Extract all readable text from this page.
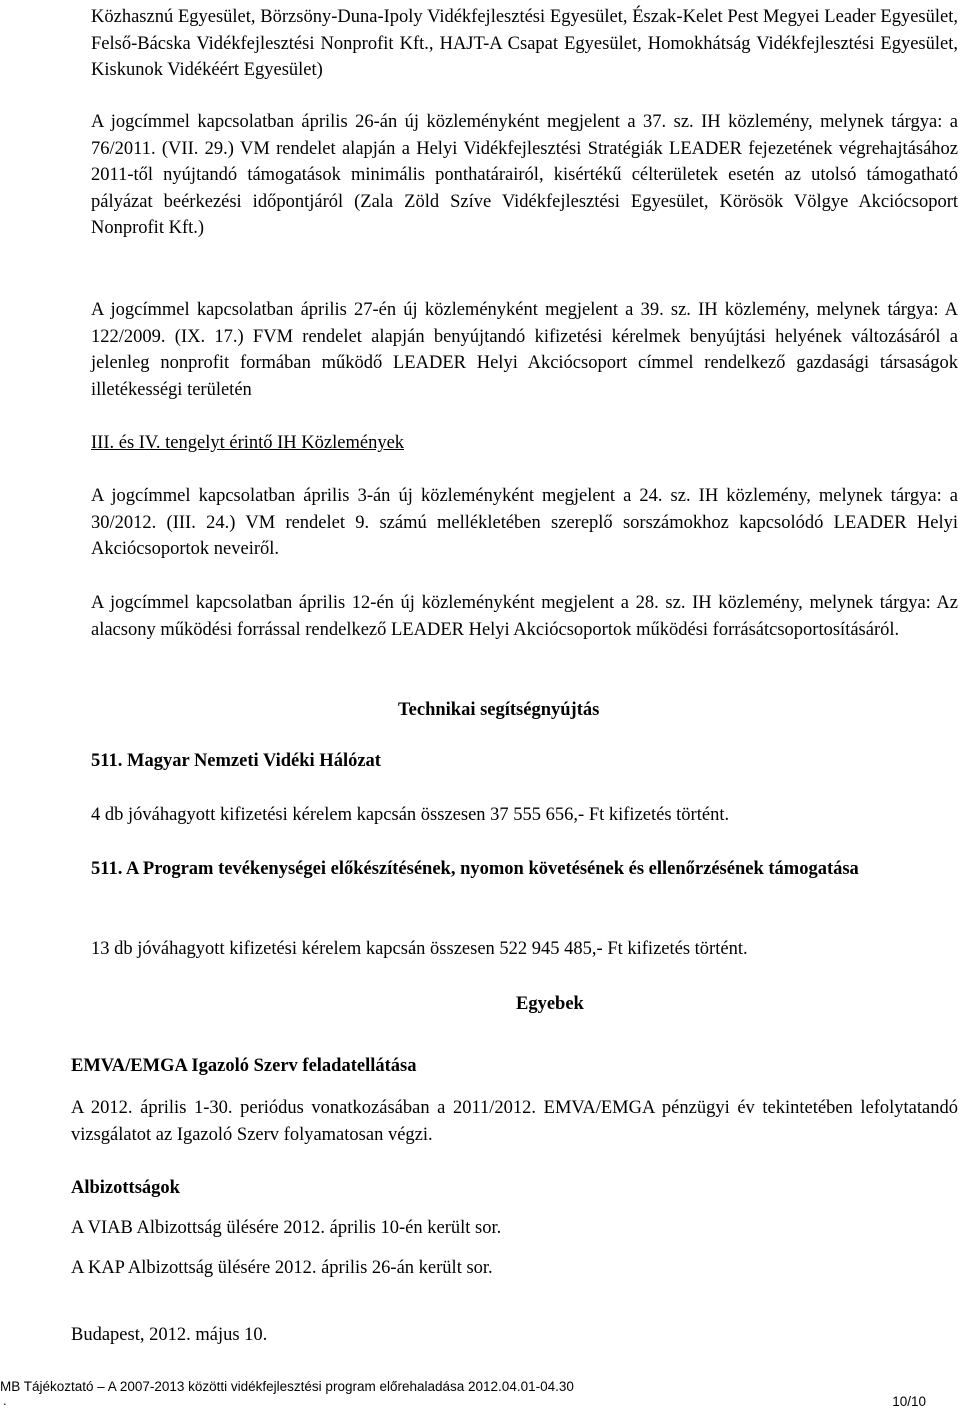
Közhasznú Egyesület, Börzsöny-Duna-Ipoly Vidékfejlesztési Egyesület, Észak-Kelet Pest Megyei Leader Egyesület, Felső-Bácska Vidékfejlesztési Nonprofit Kft., HAJT-A Csapat Egyesület, Homokhátság Vidékfejlesztési Egyesület, Kiskunok Vidékéért Egyesület)

A jogcímmel kapcsolatban április 26-án új közleményként megjelent a 37. sz. IH közlemény, melynek tárgya: a 76/2011. (VII. 29.) VM rendelet alapján a Helyi Vidékfejlesztési Stratégiák LEADER fejezetének végrehajtásához 2011-től nyújtandó támogatások minimális ponthatárairól, kisértékű célterületek esetén az utolsó támogatható pályázat beérkezési időpontjáról (Zala Zöld Szíve Vidékfejlesztési Egyesület, Körösök Völgye Akciócsoport Nonprofit Kft.)

A jogcímmel kapcsolatban április 27-én új közleményként megjelent a 39. sz. IH közlemény, melynek tárgya: A 122/2009. (IX. 17.) FVM rendelet alapján benyújtandó kifizetési kérelmek benyújtási helyének változásáról a jelenleg nonprofit formában működő LEADER Helyi Akciócsoport címmel rendelkező gazdasági társaságok illetékességi területén

III. és IV. tengelyt érintő IH Közlemények

A jogcímmel kapcsolatban április 3-án új közleményként megjelent a 24. sz. IH közlemény, melynek tárgya: a 30/2012. (III. 24.) VM rendelet 9. számú mellékletében szereplő sorszámokhoz kapcsolódó LEADER Helyi Akciócsoportok neveiről.

A jogcímmel kapcsolatban április 12-én új közleményként megjelent a 28. sz. IH közlemény, melynek tárgya: Az alacsony működési forrással rendelkező LEADER Helyi Akciócsoportok működési forrásátcsoportosításáról.

Technikai segítségnyújtás

511. Magyar Nemzeti Vidéki Hálózat

4 db jóváhagyott kifizetési kérelem kapcsán összesen 37 555 656,- Ft kifizetés történt.

511. A Program tevékenységei előkészítésének, nyomon követésének és ellenőrzésének támogatása

13 db jóváhagyott kifizetési kérelem kapcsán összesen 522 945 485,- Ft kifizetés történt.

Egyebek

EMVA/EMGA Igazoló Szerv feladatellátása

A 2012. április 1-30. periódus vonatkozásában a 2011/2012. EMVA/EMGA pénzügyi év tekintetében lefolytatandó vizsgálatot az Igazoló Szerv folyamatosan végzi.

Albizottságok

A VIAB Albizottság ülésére 2012. április 10-én került sor.

A KAP Albizottság ülésére 2012. április 26-án került sor.

Budapest, 2012. május 10.

MB Tájékoztató – A 2007-2013 közötti vidékfejlesztési program előrehaladása 2012.04.01-04.30
.	10/10
